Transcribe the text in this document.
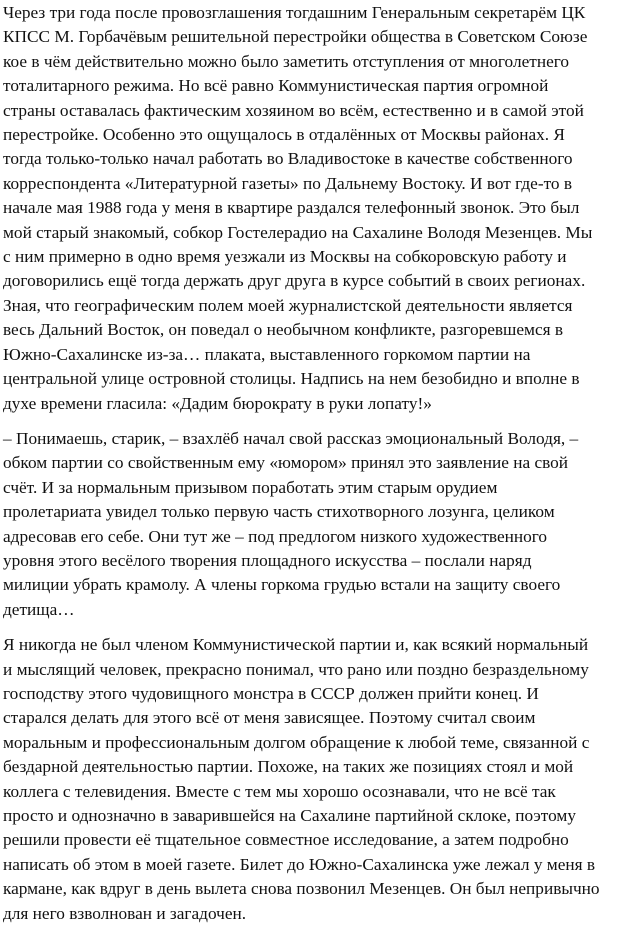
Через три года после провозглашения тогдашним Генеральным секретарём ЦК
КПСС М. Горбачёвым решительной перестройки общества в Советском Союзе
кое в чём действительно можно было заметить отступления от многолетнего
тоталитарного режима. Но всё равно Коммунистическая партия огромной
страны оставалась фактическим хозяином во всём, естественно и в самой этой
перестройке. Особенно это ощущалось в отдалённых от Москвы районах. Я
тогда только-только начал работать во Владивостоке в качестве собственного
корреспондента «Литературной газеты» по Дальнему Востоку. И вот где-то в
начале мая 1988 года у меня в квартире раздался телефонный звонок. Это был
мой старый знакомый, собкор Гостелерадио на Сахалине Володя Мезенцев. Мы
с ним примерно в одно время уезжали из Москвы на собкоровскую работу и
договорились ещё тогда держать друг друга в курсе событий в своих регионах.
Зная, что географическим полем моей журналистской деятельности является
весь Дальний Восток, он поведал о необычном конфликте, разгоревшемся в
Южно-Сахалинске из-за… плаката, выставленного горкомом партии на
центральной улице островной столицы. Надпись на нем безобидно и вполне в
духе времени гласила: «Дадим бюрократу в руки лопату!»

– Понимаешь, старик, – взахлёб начал свой рассказ эмоциональный Володя, –
обком партии со свойственным ему «юмором» принял это заявление на свой
счёт. И за нормальным призывом поработать этим старым орудием
пролетариата увидел только первую часть стихотворного лозунга, целиком
адресовав его себе. Они тут же – под предлогом низкого художественного
уровня этого весёлого творения площадного искусства – послали наряд
милиции убрать крамолу. А члены горкома грудью встали на защиту своего
детища…

Я никогда не был членом Коммунистической партии и, как всякий нормальный
и мыслящий человек, прекрасно понимал, что рано или поздно безраздельному
господству этого чудовищного монстра в СССР должен прийти конец. И
старался делать для этого всё от меня зависящее. Поэтому считал своим
моральным и профессиональным долгом обращение к любой теме, связанной с
бездарной деятельностью партии. Похоже, на таких же позициях стоял и мой
коллега с телевидения. Вместе с тем мы хорошо осознавали, что не всё так
просто и однозначно в заварившейся на Сахалине партийной склоке, поэтому
решили провести её тщательное совместное исследование, а затем подробно
написать об этом в моей газете. Билет до Южно-Сахалинска уже лежал у меня в
кармане, как вдруг в день вылета снова позвонил Мезенцев. Он был непривычно
для него взволнован и загадочен.
